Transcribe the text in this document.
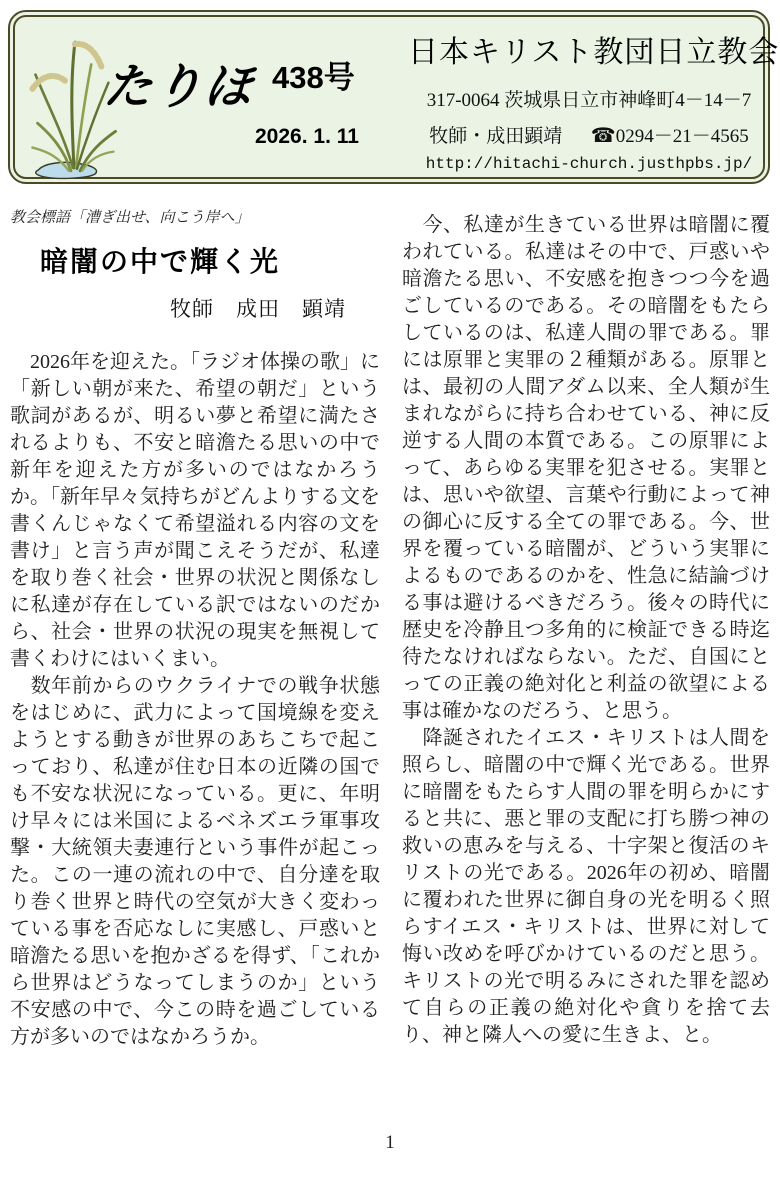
たりほ 438号
2026. 1. 11
日本キリスト教団日立教会
317-0064 茨城県日立市神峰町4－14－7
牧師・成田顕靖 　 ☎0294－21－4565
http://hitachi-church.justhpbs.jp/
教会標語「漕ぎ出せ、向こう岸へ」
暗闇の中で輝く光
牧師　成田　顕靖

　2026年を迎えた。「ラジオ体操の歌」に「新しい朝が来た、希望の朝だ」という歌詞があるが、明るい夢と希望に満たされるよりも、不安と暗澹たる思いの中で新年を迎えた方が多いのではなかろうか。「新年早々気持ちがどんよりする文を書くんじゃなくて希望溢れる内容の文を書け」と言う声が聞こえそうだが、私達を取り巻く社会・世界の状況と関係なしに私達が存在している訳ではないのだから、社会・世界の状況の現実を無視して書くわけにはいくまい。

　数年前からのウクライナでの戦争状態をはじめに、武力によって国境線を変えようとする動きが世界のあちこちで起こっており、私達が住む日本の近隣の国でも不安な状況になっている。更に、年明け早々には米国によるベネズエラ軍事攻撃・大統領夫妻連行という事件が起こった。この一連の流れの中で、自分達を取り巻く世界と時代の空気が大きく変わっている事を否応なしに実感し、戸惑いと暗澹たる思いを抱かざるを得ず、「これから世界はどうなってしまうのか」という不安感の中で、今この時を過ごしている方が多いのではなかろうか。

　今、私達が生きている世界は暗闇に覆われている。私達はその中で、戸惑いや暗澹たる思い、不安感を抱きつつ今を過ごしているのである。その暗闇をもたらしているのは、私達人間の罪である。罪には原罪と実罪の２種類がある。原罪とは、最初の人間アダム以来、全人類が生まれながらに持ち合わせている、神に反逆する人間の本質である。この原罪によって、あらゆる実罪を犯させる。実罪とは、思いや欲望、言葉や行動によって神の御心に反する全ての罪である。今、世界を覆っている暗闇が、どういう実罪によるものであるのかを、性急に結論づける事は避けるべきだろう。後々の時代に歴史を冷静且つ多角的に検証できる時迄待たなければならない。ただ、自国にとっての正義の絶対化と利益の欲望による事は確かなのだろう、と思う。

　降誕されたイエス・キリストは人間を照らし、暗闇の中で輝く光である。世界に暗闇をもたらす人間の罪を明らかにすると共に、悪と罪の支配に打ち勝つ神の救いの恵みを与える、十字架と復活のキリストの光である。2026年の初め、暗闇に覆われた世界に御自身の光を明るく照らすイエス・キリストは、世界に対して悔い改めを呼びかけているのだと思う。キリストの光で明るみにされた罪を認めて自らの正義の絶対化や貪りを捨て去り、神と隣人への愛に生きよ、と。

1
